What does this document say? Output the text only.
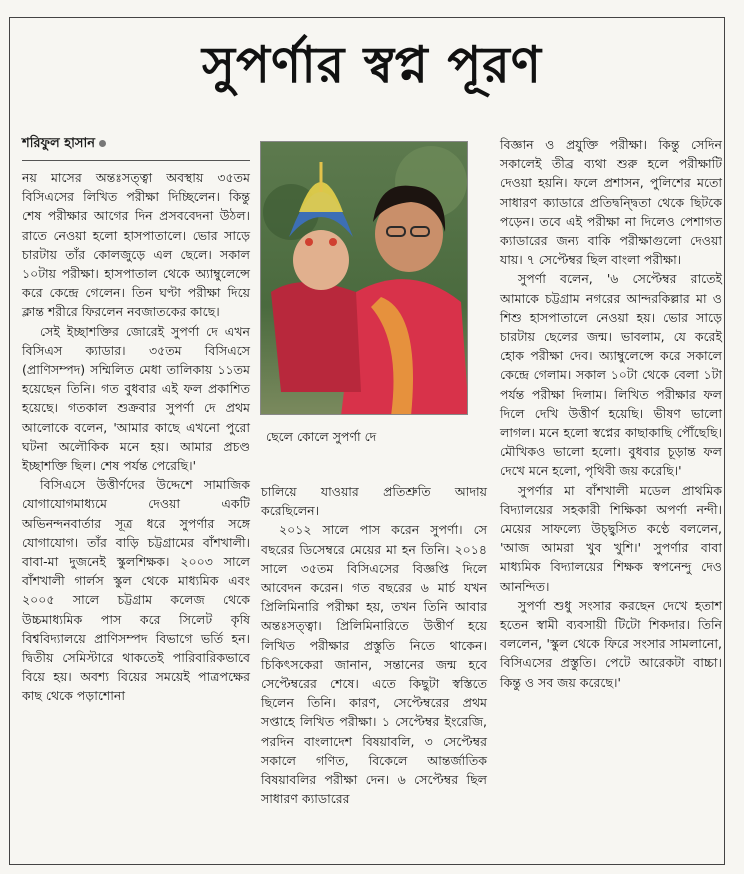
সুপর্ণার স্বপ্ন পূরণ
শরিফুল হাসান

নয় মাসের অন্তঃসত্ত্বা অবস্থায় ৩৫তম বিসিএসের লিখিত পরীক্ষা দিচ্ছিলেন। কিন্তু শেষ পরীক্ষার আগের দিন প্রসববেদনা উঠল। রাতে নেওয়া হলো হাসপাতালে। ভোর সাড়ে চারটায় তাঁর কোলজুড়ে এল ছেলে। সকাল ১০টায় পরীক্ষা। হাসপাতাল থেকে অ্যাম্বুলেন্সে করে কেন্দ্রে গেলেন। তিন ঘণ্টা পরীক্ষা দিয়ে ক্লান্ত শরীরে ফিরলেন নবজাতকের কাছে।

সেই ইচ্ছাশক্তির জোরেই সুপর্ণা দে এখন বিসিএস ক্যাডার। ৩৫তম বিসিএসে (প্রাণিসম্পদ) সম্মিলিত মেধা তালিকায় ১১তম হয়েছেন তিনি। গত বুধবার এই ফল প্রকাশিত হয়েছে। গতকাল শুক্রবার সুপর্ণা দে প্রথম আলোকে বলেন, 'আমার কাছে এখনো পুরো ঘটনা অলৌকিক মনে হয়। আমার প্রচণ্ড ইচ্ছাশক্তি ছিল। শেষ পর্যন্ত পেরেছি।'

বিসিএসে উত্তীর্ণদের উদ্দেশে সামাজিক যোগাযোগমাধ্যমে দেওয়া একটি অভিনন্দনবার্তার সূত্র ধরে সুপর্ণার সঙ্গে যোগাযোগ। তাঁর বাড়ি চট্টগ্রামের বাঁশখালী। বাবা-মা দুজনেই স্কুলশিক্ষক। ২০০৩ সালে বাঁশখালী গার্লস স্কুল থেকে মাধ্যমিক এবং ২০০৫ সালে চট্টগ্রাম কলেজ থেকে উচ্চমাধ্যমিক পাস করে সিলেট কৃষি বিশ্ববিদ্যালয়ে প্রাণিসম্পদ বিভাগে ভর্তি হন। দ্বিতীয় সেমিস্টারে থাকতেই পারিবারিকভাবে বিয়ে হয়। অবশ্য বিয়ের সময়েই পাত্রপক্ষের কাছ থেকে পড়াশোনা

ছেলে কোলে সুপর্ণা দে

চালিয়ে যাওয়ার প্রতিশ্রুতি আদায় করেছিলেন।

২০১২ সালে পাস করেন সুপর্ণা। সে বছরের ডিসেম্বরে মেয়ের মা হন তিনি। ২০১৪ সালে ৩৫তম বিসিএসের বিজ্ঞপ্তি দিলে আবেদন করেন। গত বছরের ৬ মার্চ যখন প্রিলিমিনারি পরীক্ষা হয়, তখন তিনি আবার অন্তঃসত্ত্বা। প্রিলিমিনারিতে উত্তীর্ণ হয়ে লিখিত পরীক্ষার প্রস্তুতি নিতে থাকেন। চিকিৎসকেরা জানান, সন্তানের জন্ম হবে সেপ্টেম্বরের শেষে। এতে কিছুটা স্বস্তিতে ছিলেন তিনি। কারণ, সেপ্টেম্বরের প্রথম সপ্তাহে লিখিত পরীক্ষা। ১ সেপ্টেম্বর ইংরেজি, পরদিন বাংলাদেশ বিষয়াবলি, ৩ সেপ্টেম্বর সকালে গণিত, বিকেলে আন্তর্জাতিক বিষয়াবলির পরীক্ষা দেন। ৬ সেপ্টেম্বর ছিল সাধারণ ক্যাডারের

বিজ্ঞান ও প্রযুক্তি পরীক্ষা। কিন্তু সেদিন সকালেই তীব্র ব্যথা শুরু হলে পরীক্ষাটি দেওয়া হয়নি। ফলে প্রশাসন, পুলিশের মতো সাধারণ ক্যাডারে প্রতিদ্বন্দ্বিতা থেকে ছিটকে পড়েন। তবে এই পরীক্ষা না দিলেও পেশাগত ক্যাডারের জন্য বাকি পরীক্ষাগুলো দেওয়া যায়। ৭ সেপ্টেম্বর ছিল বাংলা পরীক্ষা।

সুপর্ণা বলেন, '৬ সেপ্টেম্বর রাতেই আমাকে চট্টগ্রাম নগরের আন্দরকিল্লার মা ও শিশু হাসপাতালে নেওয়া হয়। ভোর সাড়ে চারটায় ছেলের জন্ম। ভাবলাম, যে করেই হোক পরীক্ষা দেব। অ্যাম্বুলেন্সে করে সকালে কেন্দ্রে গেলাম। সকাল ১০টা থেকে বেলা ১টা পর্যন্ত পরীক্ষা দিলাম। লিখিত পরীক্ষার ফল দিলে দেখি উত্তীর্ণ হয়েছি। ভীষণ ভালো লাগল। মনে হলো স্বপ্নের কাছাকাছি পৌঁছেছি। মৌখিকও ভালো হলো। বুধবার চূড়ান্ত ফল দেখে মনে হলো, পৃথিবী জয় করেছি।'

সুপর্ণার মা বাঁশখালী মডেল প্রাথমিক বিদ্যালয়ের সহকারী শিক্ষিকা অপর্ণা নন্দী। মেয়ের সাফল্যে উচ্ছ্বসিত কণ্ঠে বললেন, 'আজ আমরা খুব খুশি।' সুপর্ণার বাবা মাধ্যমিক বিদ্যালয়ের শিক্ষক স্বপনেন্দু দেও আনন্দিত।

সুপর্ণা শুধু সংসার করছেন দেখে হতাশ হতেন স্বামী ব্যবসায়ী টিটো শিকদার। তিনি বললেন, 'স্কুল থেকে ফিরে সংসার সামলানো, বিসিএসের প্রস্তুতি। পেটে আরেকটা বাচ্চা। কিন্তু ও সব জয় করেছে।'
